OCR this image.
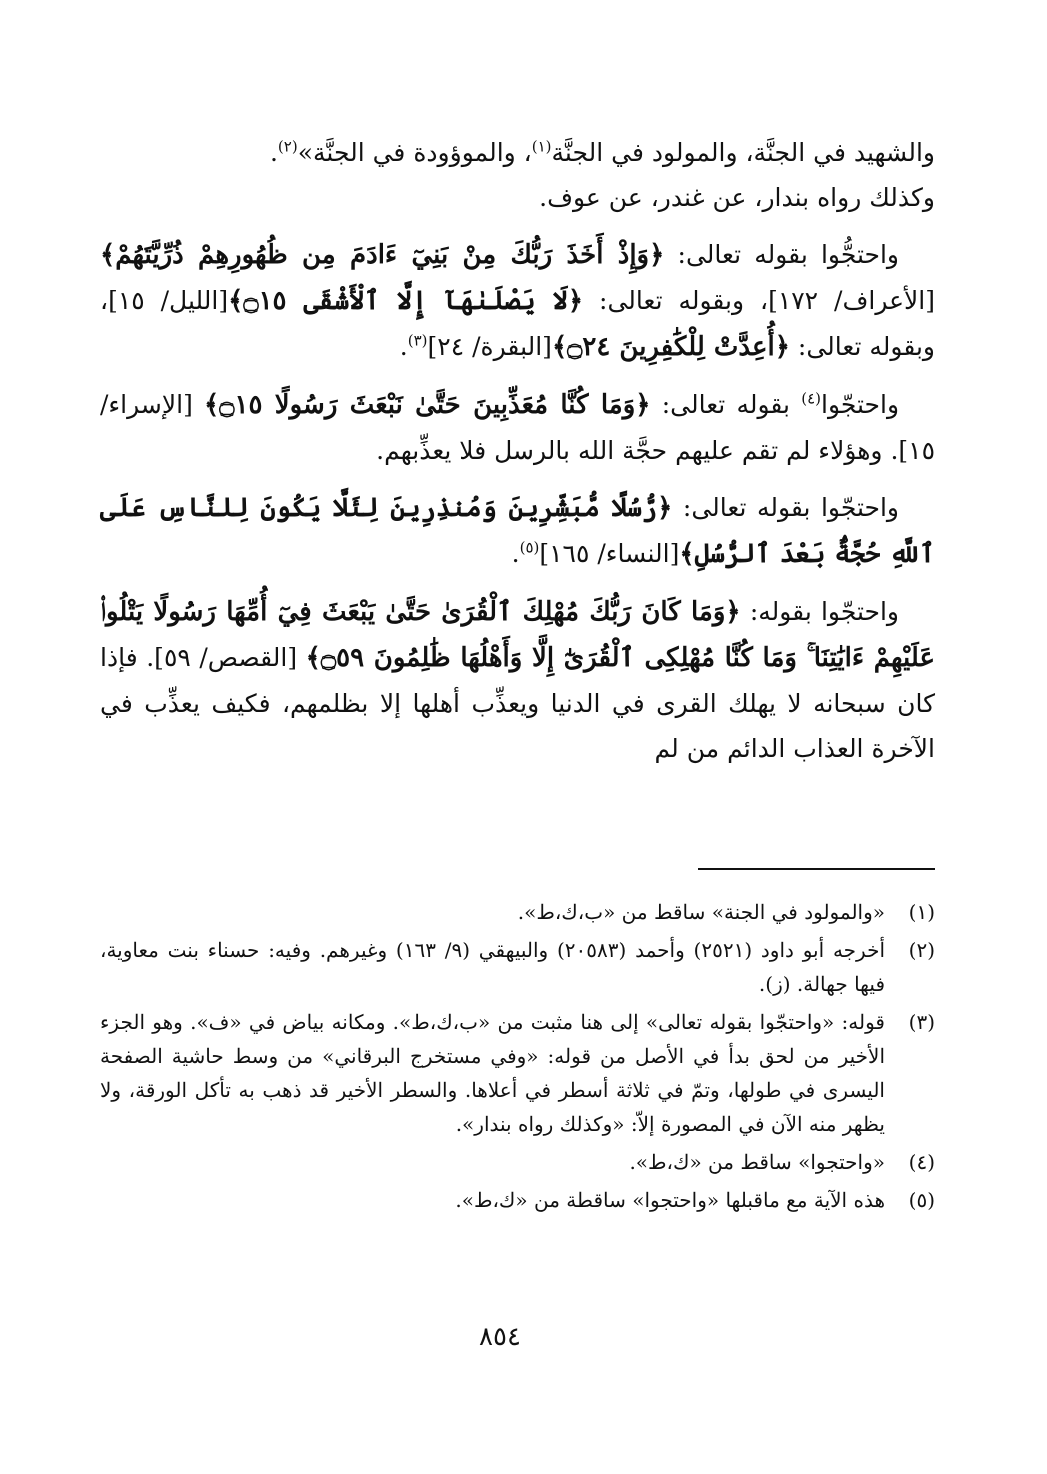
والشهيد في الجنَّة، والمولود في الجنَّة$^{(١)}$، والموؤودة في الجنَّة»$^{(٢)}$.
وكذلك رواه بندار، عن غندر، عن عوف.

واحتجُّوا بقوله تعالى: ﴿وَإِذْ أَخَذَ رَبُّكَ مِنْ بَنِيٓ ءَادَمَ مِن ظُهُورِهِمْ ذُرِّيَّتَهُمْ﴾[الأعراف/ ١٧٢]، وبقوله تعالى: ﴿لَا يَصْلَىٰهَآ إِلَّا ٱلْأَشْقَى ۝١٥﴾[الليل/ ١٥]، وبقوله تعالى: ﴿أُعِدَّتْ لِلْكَٰفِرِينَ ۝٢٤﴾[البقرة/ ٢٤]$^{(٣)}$.

واحتجّوا$^{(٤)}$ بقوله تعالى: ﴿وَمَا كُنَّا مُعَذِّبِينَ حَتَّىٰ نَبْعَثَ رَسُولًا ۝١٥﴾ [الإسراء/ ١٥]. وهؤلاء لم تقم عليهم حجَّة الله بالرسل فلا يعذِّبهم.

واحتجّوا بقوله تعالى: ﴿رُّسُلًا مُّبَشِّرِينَ وَمُنذِرِينَ لِئَلَّا يَكُونَ لِلنَّاسِ عَلَى ٱللَّهِ حُجَّةٌۢ بَعْدَ ٱلرُّسُلِ﴾[النساء/ ١٦٥]$^{(٥)}$.

واحتجّوا بقوله: ﴿وَمَا كَانَ رَبُّكَ مُهْلِكَ ٱلْقُرَىٰ حَتَّىٰ يَبْعَثَ فِيٓ أُمِّهَا رَسُولًا يَتْلُوا۟ عَلَيْهِمْ ءَايَٰتِنَا ۚ وَمَا كُنَّا مُهْلِكِى ٱلْقُرَىٰٓ إِلَّا وَأَهْلُهَا ظَٰلِمُونَ ۝٥٩﴾ [القصص/ ٥٩]. فإذا كان سبحانه لا يهلك القرى في الدنيا ويعذِّب أهلها إلا بظلمهم، فكيف يعذِّب في الآخرة العذاب الدائم من لم

(١)
«والمولود في الجنة» ساقط من «ب،ك،ط».
(٢)
أخرجه أبو داود (٢٥٢١) وأحمد (٢٠٥٨٣) والبيهقي (٩/ ١٦٣) وغيرهم. وفيه: حسناء بنت معاوية، فيها جهالة. (ز).
(٣)
قوله: «واحتجّوا بقوله تعالى» إلى هنا مثبت من «ب،ك،ط». ومكانه بياض في «ف». وهو الجزء الأخير من لحق بدأ في الأصل من قوله: «وفي مستخرج البرقاني» من وسط حاشية الصفحة اليسرى في طولها، وتمّ في ثلاثة أسطر في أعلاها. والسطر الأخير قد ذهب به تأكل الورقة، ولا يظهر منه الآن في المصورة إلاّ: «وكذلك رواه بندار».
(٤)
«واحتجوا» ساقط من «ك،ط».
(٥)
هذه الآية مع ماقبلها «واحتجوا» ساقطة من «ك،ط».
٨٥٤
